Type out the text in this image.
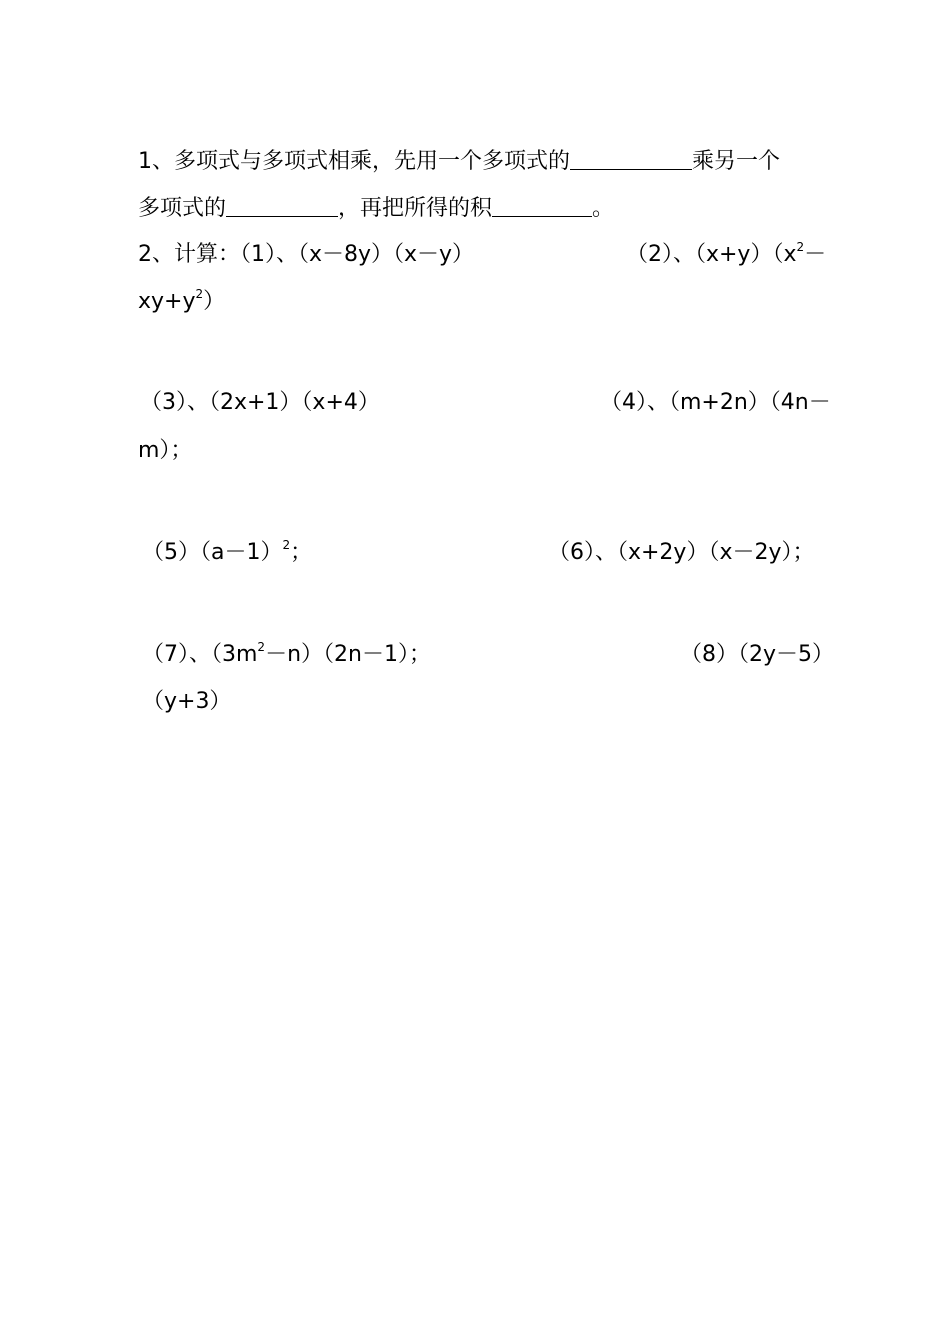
1、多项式与多项式相乘，先用一个多项式的	乘另一个

多项式的	，再把所得的积	。

2、计算：（1）、（x－8y）（x－y）
	（2）、$(x+y)(x^2-$

$xy+y^2$）

（3）、（2x+1）（x+4）
	（4）、（m+2n）（4n－

m）；

$(5)(a-1)^2$；
	（6）、（x+2y）（x－2y）；

（7）、$(3m^2-n)(2n-1)$；
	（8）（2y－5）

（y+3）
